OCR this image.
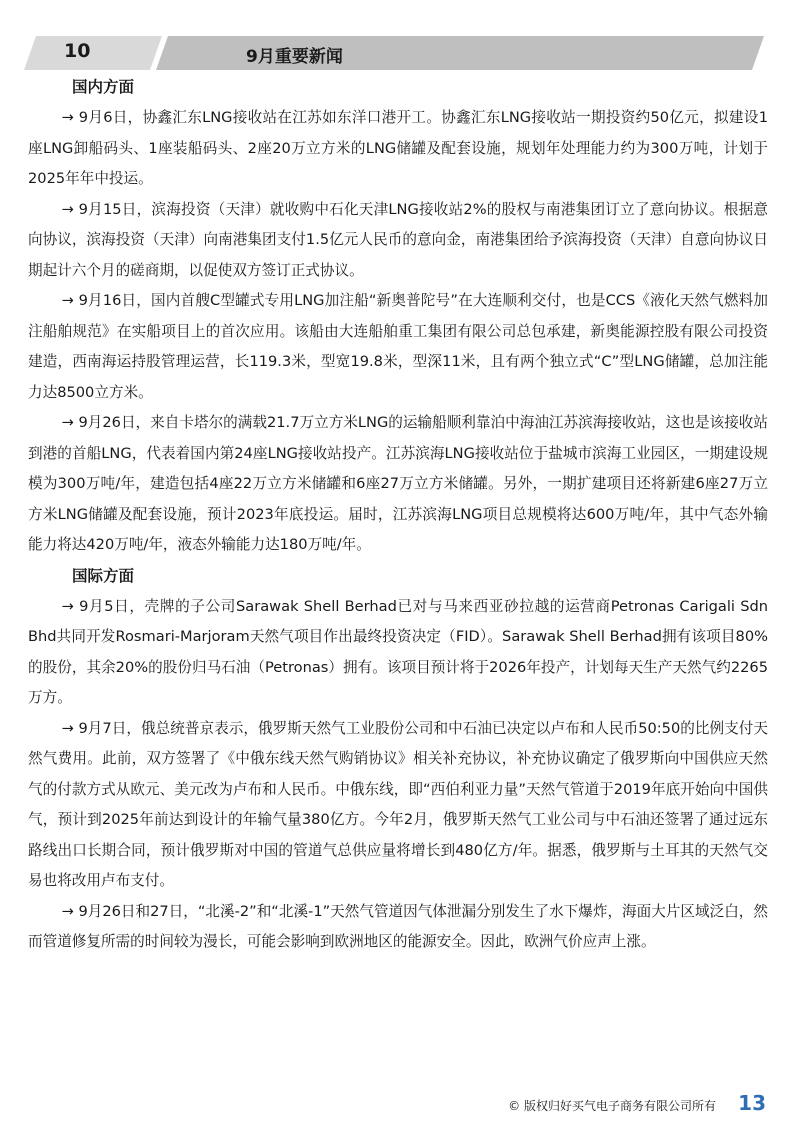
10	9月重要新闻
国内方面

→ 9月6日，协鑫汇东LNG接收站在江苏如东洋口港开工。协鑫汇东LNG接收站一期投资约50亿元，拟建设1座LNG卸船码头、1座装船码头、2座20万立方米的LNG储罐及配套设施，规划年处理能力约为300万吨，计划于2025年年中投运。

→ 9月15日，滨海投资（天津）就收购中石化天津LNG接收站2%的股权与南港集团订立了意向协议。根据意向协议，滨海投资（天津）向南港集团支付1.5亿元人民币的意向金，南港集团给予滨海投资（天津）自意向协议日期起计六个月的磋商期，以促使双方签订正式协议。

→ 9月16日，国内首艘C型罐式专用LNG加注船“新奥普陀号”在大连顺利交付，也是CCS《液化天然气燃料加注船舶规范》在实船项目上的首次应用。该船由大连船舶重工集团有限公司总包承建，新奥能源控股有限公司投资建造，西南海运持股管理运营，长119.3米，型宽19.8米，型深11米，且有两个独立式“C”型LNG储罐，总加注能力达8500立方米。

→ 9月26日，来自卡塔尔的满载21.7万立方米LNG的运输船顺利靠泊中海油江苏滨海接收站，这也是该接收站到港的首船LNG，代表着国内第24座LNG接收站投产。江苏滨海LNG接收站位于盐城市滨海工业园区，一期建设规模为300万吨/年，建造包括4座22万立方米储罐和6座27万立方米储罐。另外，一期扩建项目还将新建6座27万立方米LNG储罐及配套设施，预计2023年底投运。届时，江苏滨海LNG项目总规模将达600万吨/年，其中气态外输能力将达420万吨/年，液态外输能力达180万吨/年。

国际方面

→ 9月5日，壳牌的子公司Sarawak Shell Berhad已对与马来西亚砂拉越的运营商Petronas Carigali Sdn Bhd共同开发Rosmari-Marjoram天然气项目作出最终投资决定（FID）。Sarawak Shell Berhad拥有该项目80%的股份，其余20%的股份归马石油（Petronas）拥有。该项目预计将于2026年投产，计划每天生产天然气约2265万方。

→ 9月7日，俄总统普京表示，俄罗斯天然气工业股份公司和中石油已决定以卢布和人民币50:50的比例支付天然气费用。此前，双方签署了《中俄东线天然气购销协议》相关补充协议，补充协议确定了俄罗斯向中国供应天然气的付款方式从欧元、美元改为卢布和人民币。中俄东线，即“西伯利亚力量”天然气管道于2019年底开始向中国供气，预计到2025年前达到设计的年输气量380亿方。今年2月，俄罗斯天然气工业公司与中石油还签署了通过远东路线出口长期合同，预计俄罗斯对中国的管道气总供应量将增长到480亿方/年。据悉，俄罗斯与土耳其的天然气交易也将改用卢布支付。

→ 9月26日和27日，“北溪-2”和“北溪-1”天然气管道因气体泄漏分别发生了水下爆炸，海面大片区域泛白，然而管道修复所需的时间较为漫长，可能会影响到欧洲地区的能源安全。因此，欧洲气价应声上涨。

© 版权归好买气电子商务有限公司所有 13
